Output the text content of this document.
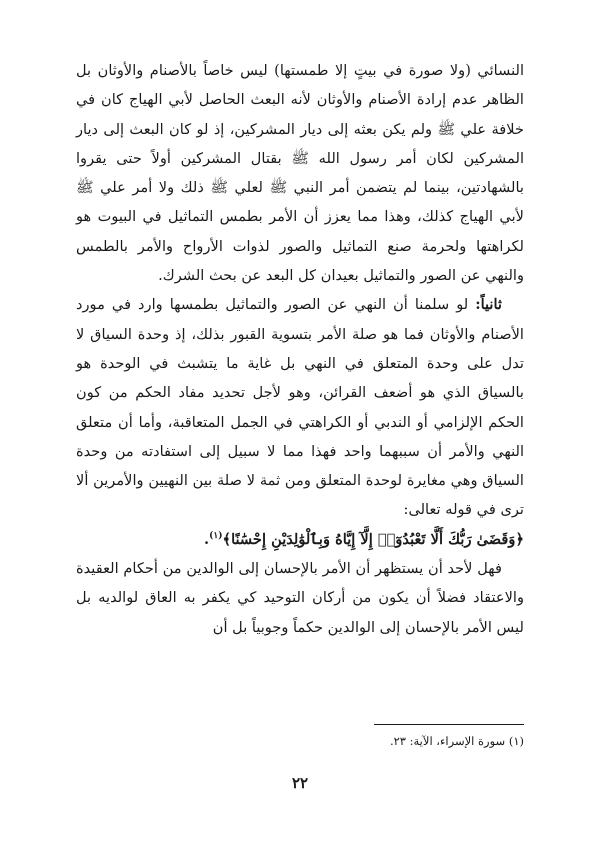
النسائي (ولا صورة في بيتٍ إلا طمستها) ليس خاصاً بالأصنام والأوثان بل الظاهر عدم إرادة الأصنام والأوثان لأنه البعث الحاصل لأبي الهياج كان في خلافة علي ﷺ ولم يكن بعثه إلى ديار المشركين، إذ لو كان البعث إلى ديار المشركين لكان أمر رسول الله ﷺ بقتال المشركين أولاً حتى يقروا بالشهادتين، بينما لم يتضمن أمر النبي ﷺ لعلي ﷺ ذلك ولا أمر علي ﷺ لأبي الهياج كذلك، وهذا مما يعزز أن الأمر بطمس التماثيل في البيوت هو لكراهتها ولحرمة صنع التماثيل والصور لذوات الأرواح والأمر بالطمس والنهي عن الصور والتماثيل بعيدان كل البعد عن بحث الشرك.

ثانياً: لو سلمنا أن النهي عن الصور والتماثيل بطمسها وارد في مورد الأصنام والأوثان فما هو صلة الأمر بتسوية القبور بذلك، إذ وحدة السياق لا تدل على وحدة المتعلق في النهي بل غاية ما يتشبث في الوحدة هو بالسياق الذي هو أضعف القرائن، وهو لأجل تحديد مفاد الحكم من كون الحكم الإلزامي أو الندبي أو الكراهتي في الجمل المتعاقبة، وأما أن متعلق النهي والأمر أن سببهما واحد فهذا مما لا سبيل إلى استفادته من وحدة السياق وهي مغايرة لوحدة المتعلق ومن ثمة لا صلة بين النهيين والأمرين ألا ترى في قوله تعالى:

﴿وَقَضَىٰ رَبُّكَ أَلَّا تَعْبُدُوٓا۟ إِلَّآ إِيَّاهُ وَبِٱلْوَٰلِدَيْنِ إِحْسَٰنًا﴾$^{(١)}$.

فهل لأحد أن يستظهر أن الأمر بالإحسان إلى الوالدين من أحكام العقيدة والاعتقاد فضلاً أن يكون من أركان التوحيد كي يكفر به العاق لوالديه بل ليس الأمر بالإحسان إلى الوالدين حكماً وجوبياً بل أن

(١) سورة الإسراء، الآية: ٢٣.
٢٢
